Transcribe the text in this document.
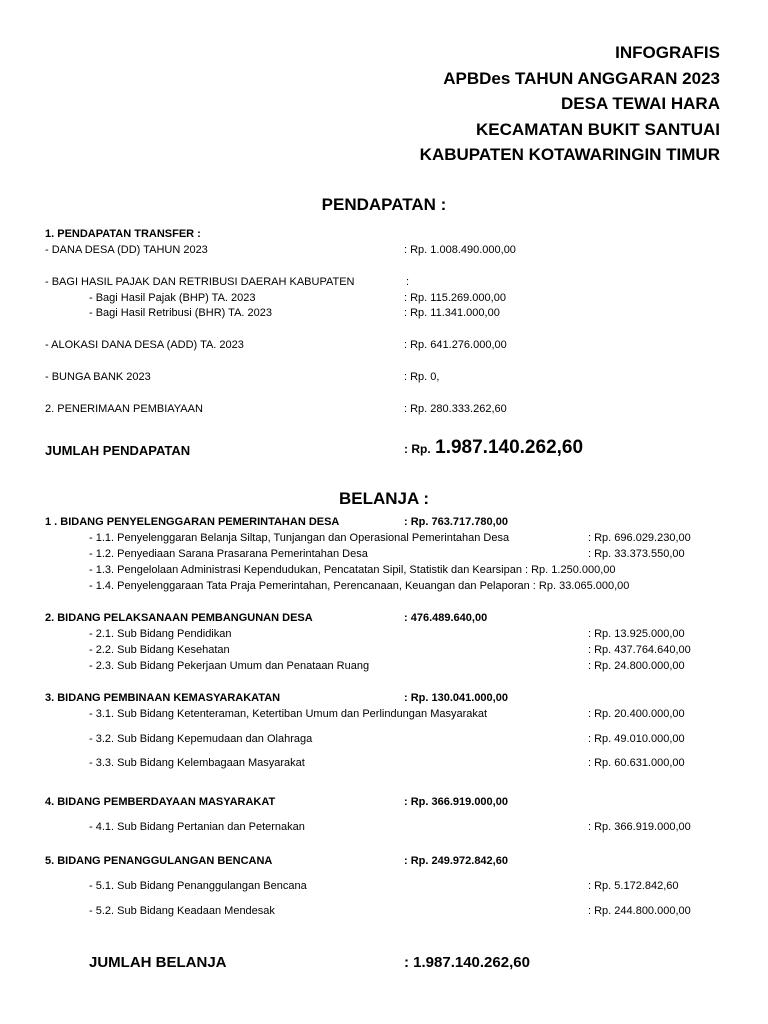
INFOGRAFIS
APBDes TAHUN ANGGARAN 2023
DESA TEWAI HARA
KECAMATAN BUKIT SANTUAI
KABUPATEN KOTAWARINGIN TIMUR
PENDAPATAN :
1. PENDAPATAN TRANSFER :
- DANA DESA (DD) TAHUN 2023	: Rp. 1.008.490.000,00
- BAGI HASIL PAJAK DAN RETRIBUSI DAERAH KABUPATEN	:
- Bagi Hasil Pajak (BHP) TA. 2023	: Rp. 115.269.000,00
- Bagi Hasil Retribusi (BHR) TA. 2023	: Rp. 11.341.000,00
- ALOKASI DANA DESA (ADD) TA. 2023	: Rp. 641.276.000,00
- BUNGA BANK 2023	: Rp. 0,
2. PENERIMAAN PEMBIAYAAN	: Rp. 280.333.262,60
JUMLAH PENDAPATAN	: Rp. 1.987.140.262,60
BELANJA :
1 . BIDANG PENYELENGGARAN PEMERINTAHAN DESA	: Rp. 763.717.780,00
- 1.1. Penyelenggaran Belanja Siltap, Tunjangan dan Operasional Pemerintahan Desa	: Rp. 696.029.230,00
- 1.2. Penyediaan Sarana Prasarana Pemerintahan Desa	: Rp. 33.373.550,00
- 1.3. Pengelolaan Administrasi Kependudukan, Pencatatan Sipil, Statistik dan Kearsipan : Rp. 1.250.000,00
- 1.4. Penyelenggaraan Tata Praja Pemerintahan, Perencanaan, Keuangan dan Pelaporan : Rp. 33.065.000,00
2. BIDANG PELAKSANAAN PEMBANGUNAN DESA	: 476.489.640,00
- 2.1. Sub Bidang Pendidikan	: Rp. 13.925.000,00
- 2.2. Sub Bidang Kesehatan	: Rp. 437.764.640,00
- 2.3. Sub Bidang Pekerjaan Umum dan Penataan Ruang	: Rp. 24.800.000,00
3. BIDANG PEMBINAAN KEMASYARAKATAN	: Rp. 130.041.000,00
- 3.1. Sub Bidang Ketenteraman, Ketertiban Umum dan Perlindungan Masyarakat	: Rp. 20.400.000,00
- 3.2. Sub Bidang Kepemudaan dan Olahraga	: Rp. 49.010.000,00
- 3.3. Sub Bidang Kelembagaan Masyarakat	: Rp. 60.631.000,00
4. BIDANG PEMBERDAYAAN MASYARAKAT	: Rp. 366.919.000,00
- 4.1. Sub Bidang Pertanian dan Peternakan	: Rp. 366.919.000,00
5. BIDANG PENANGGULANGAN BENCANA	: Rp. 249.972.842,60
- 5.1. Sub Bidang Penanggulangan Bencana	: Rp. 5.172.842,60
- 5.2. Sub Bidang Keadaan Mendesak	: Rp. 244.800.000,00
JUMLAH BELANJA	: 1.987.140.262,60
